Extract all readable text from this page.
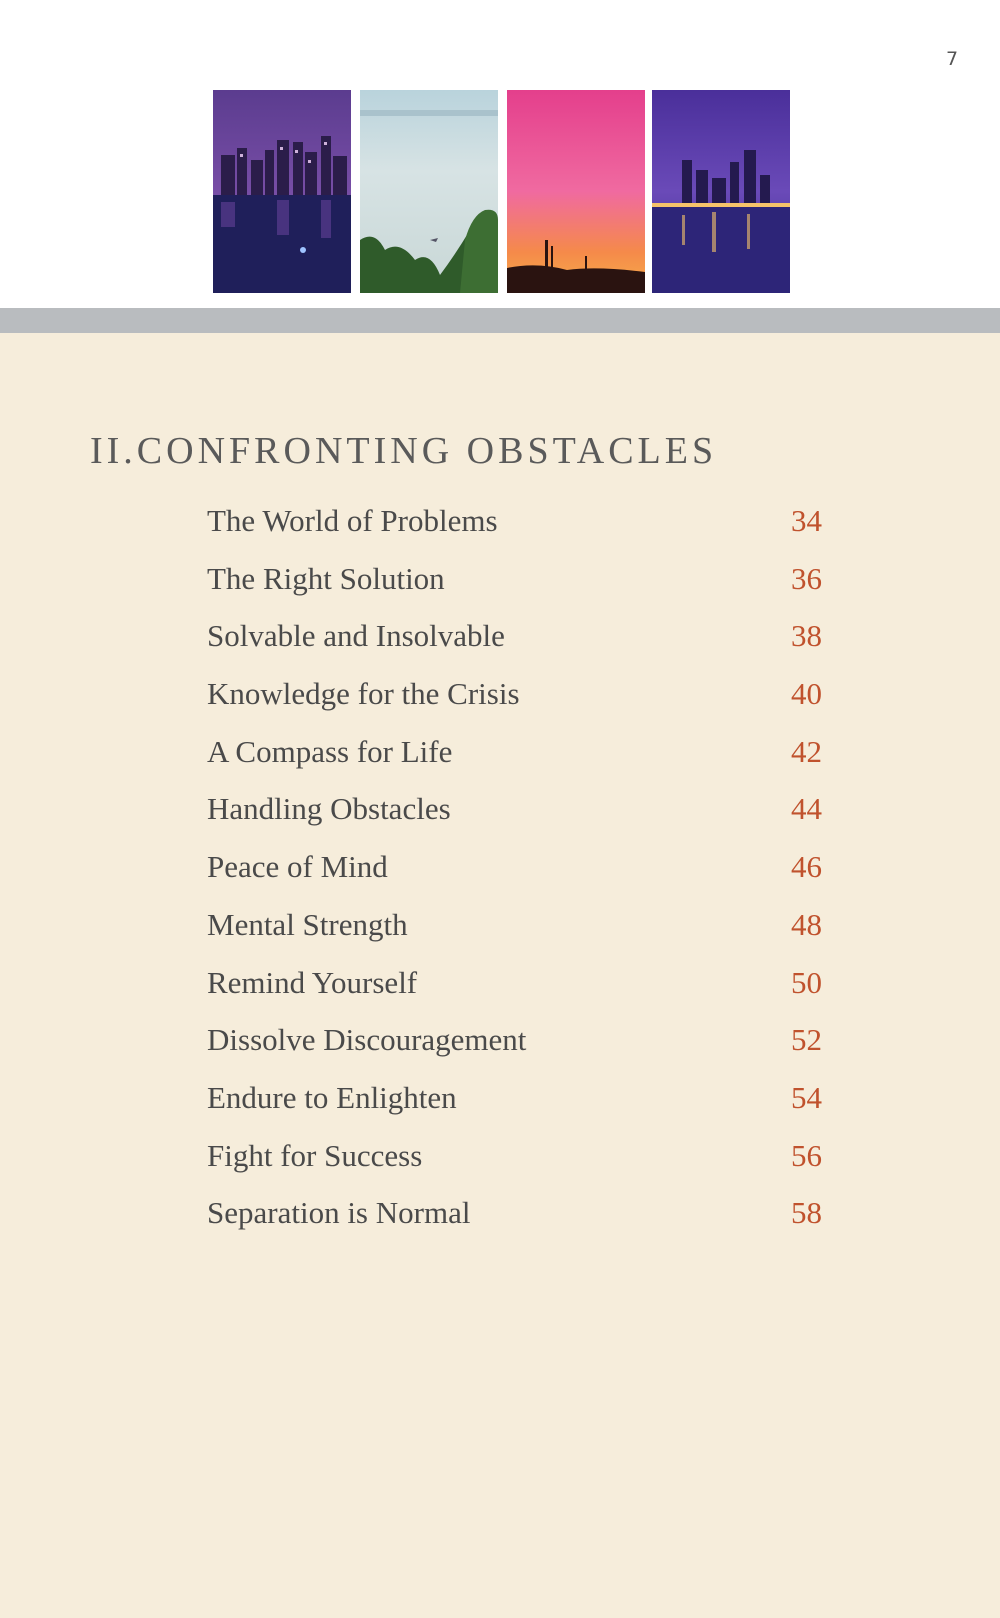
7
II.CONFRONTING OBSTACLES
The World of Problems	34
The Right Solution	36
Solvable and Insolvable	38
Knowledge for the Crisis	40
A Compass for Life	42
Handling Obstacles	44
Peace of Mind	46
Mental Strength	48
Remind Yourself	50
Dissolve Discouragement	52
Endure to Enlighten	54
Fight for Success	56
Separation is Normal	58
